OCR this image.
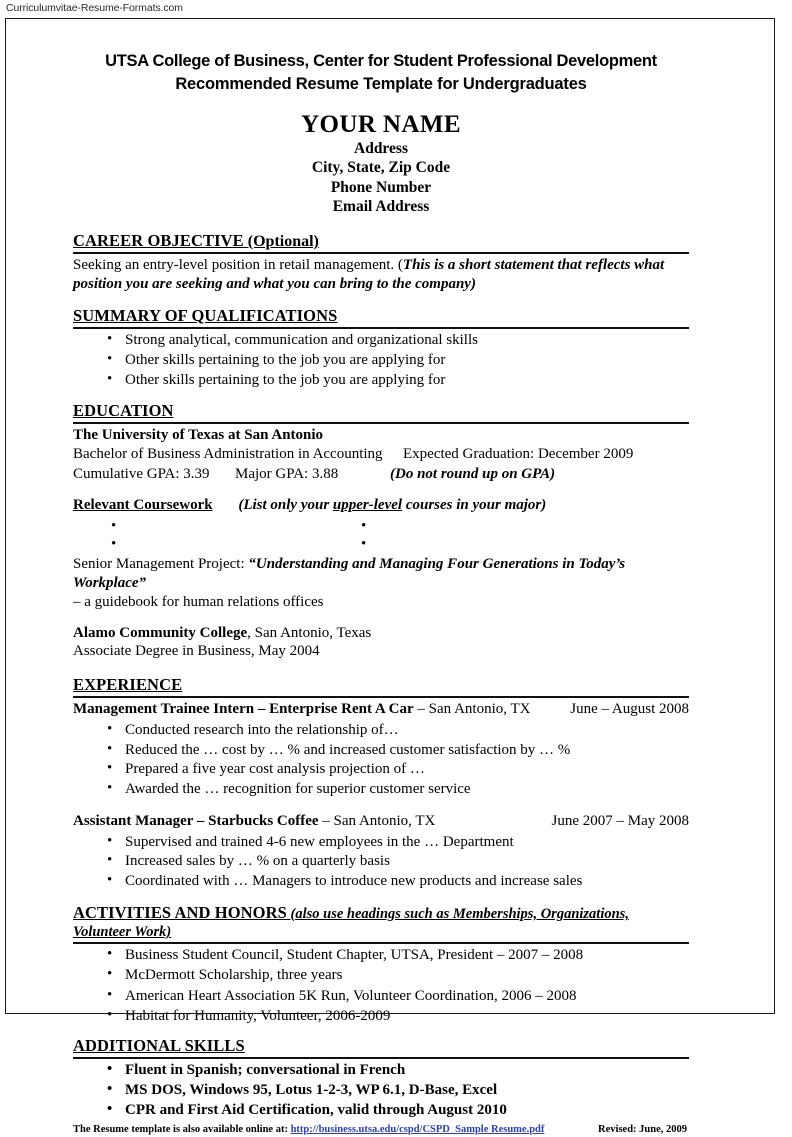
Curriculumvitae-Resume-Formats.com
UTSA College of Business, Center for Student Professional Development
Recommended Resume Template for Undergraduates
YOUR NAME
Address
City, State, Zip Code
Phone Number
Email Address
CAREER OBJECTIVE (Optional)
Seeking an entry-level position in retail management. (This is a short statement that reflects what position you are seeking and what you can bring to the company)
SUMMARY OF QUALIFICATIONS
• Strong analytical, communication and organizational skills
• Other skills pertaining to the job you are applying for
• Other skills pertaining to the job you are applying for
EDUCATION
The University of Texas at San Antonio
Bachelor of Business Administration in Accounting	Expected Graduation: December 2009
Cumulative GPA: 3.39	Major GPA: 3.88	(Do not round up on GPA)
Relevant Coursework (List only your upper-level courses in your major)
•	•
•	•
Senior Management Project: “Understanding and Managing Four Generations in Today’s Workplace”
– a guidebook for human relations offices
Alamo Community College, San Antonio, Texas
Associate Degree in Business, May 2004
EXPERIENCE
Management Trainee Intern – Enterprise Rent A Car – San Antonio, TX	June – August 2008
• Conducted research into the relationship of…
• Reduced the … cost by … % and increased customer satisfaction by … %
• Prepared a five year cost analysis projection of …
• Awarded the … recognition for superior customer service
Assistant Manager – Starbucks Coffee – San Antonio, TX	June 2007 – May 2008
• Supervised and trained 4-6 new employees in the … Department
• Increased sales by … % on a quarterly basis
• Coordinated with … Managers to introduce new products and increase sales
ACTIVITIES AND HONORS (also use headings such as Memberships, Organizations, Volunteer Work)
• Business Student Council, Student Chapter, UTSA, President – 2007 – 2008
• McDermott Scholarship, three years
• American Heart Association 5K Run, Volunteer Coordination, 2006 – 2008
• Habitat for Humanity, Volunteer, 2006-2009
ADDITIONAL SKILLS
• Fluent in Spanish; conversational in French
• MS DOS, Windows 95, Lotus 1-2-3, WP 6.1, D-Base, Excel
• CPR and First Aid Certification, valid through August 2010
The Resume template is also available online at: http://business.utsa.edu/cspd/CSPD_Sample Resume.pdf	Revised: June, 2009
